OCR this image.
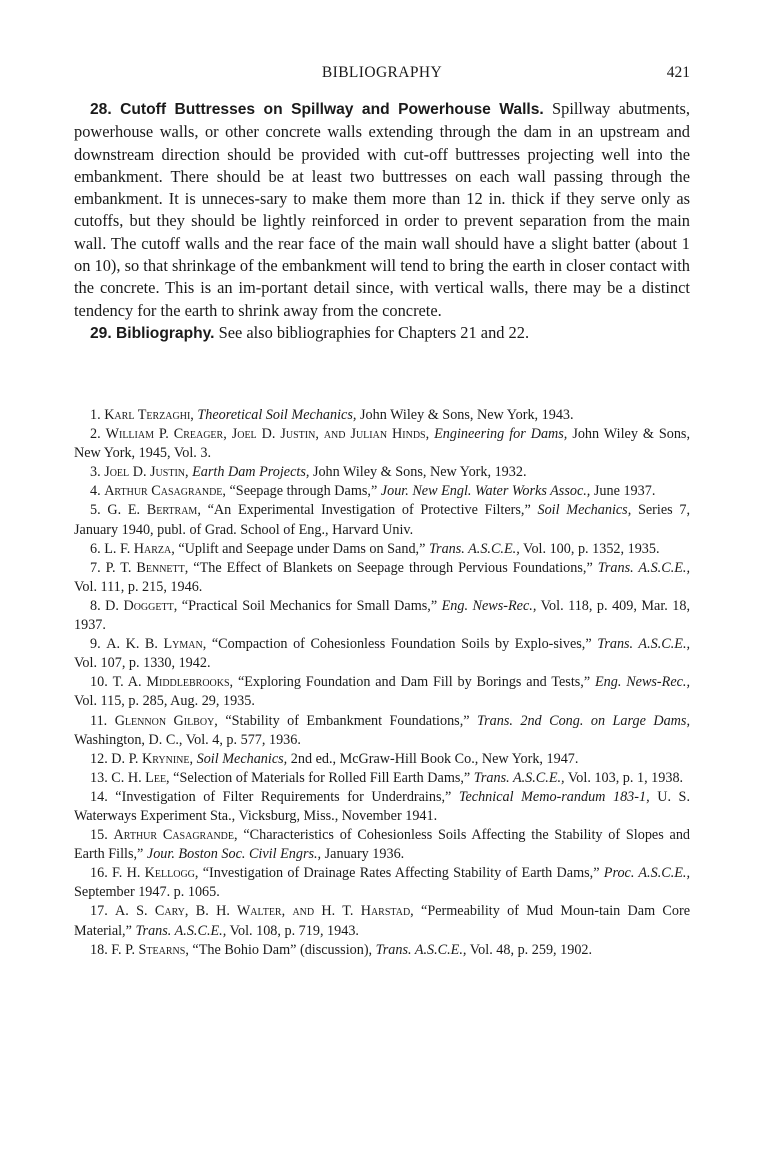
BIBLIOGRAPHY	421

28. Cutoff Buttresses on Spillway and Powerhouse Walls. Spillway abutments, powerhouse walls, or other concrete walls extending through the dam in an upstream and downstream direction should be provided with cut-off buttresses projecting well into the embankment. There should be at least two buttresses on each wall passing through the embankment. It is unneces-sary to make them more than 12 in. thick if they serve only as cutoffs, but they should be lightly reinforced in order to prevent separation from the main wall. The cutoff walls and the rear face of the main wall should have a slight batter (about 1 on 10), so that shrinkage of the embankment will tend to bring the earth in closer contact with the concrete. This is an im-portant detail since, with vertical walls, there may be a distinct tendency for the earth to shrink away from the concrete.

29. Bibliography. See also bibliographies for Chapters 21 and 22.

1. Karl Terzaghi, Theoretical Soil Mechanics, John Wiley & Sons, New York, 1943.

2. William P. Creager, Joel D. Justin, and Julian Hinds, Engineering for Dams, John Wiley & Sons, New York, 1945, Vol. 3.

3. Joel D. Justin, Earth Dam Projects, John Wiley & Sons, New York, 1932.

4. Arthur Casagrande, “Seepage through Dams,” Jour. New Engl. Water Works Assoc., June 1937.

5. G. E. Bertram, “An Experimental Investigation of Protective Filters,” Soil Mechanics, Series 7, January 1940, publ. of Grad. School of Eng., Harvard Univ.

6. L. F. Harza, “Uplift and Seepage under Dams on Sand,” Trans. A.S.C.E., Vol. 100, p. 1352, 1935.

7. P. T. Bennett, “The Effect of Blankets on Seepage through Pervious Foundations,” Trans. A.S.C.E., Vol. 111, p. 215, 1946.

8. D. Doggett, “Practical Soil Mechanics for Small Dams,” Eng. News-Rec., Vol. 118, p. 409, Mar. 18, 1937.

9. A. K. B. Lyman, “Compaction of Cohesionless Foundation Soils by Explo-sives,” Trans. A.S.C.E., Vol. 107, p. 1330, 1942.

10. T. A. Middlebrooks, “Exploring Foundation and Dam Fill by Borings and Tests,” Eng. News-Rec., Vol. 115, p. 285, Aug. 29, 1935.

11. Glennon Gilboy, “Stability of Embankment Foundations,” Trans. 2nd Cong. on Large Dams, Washington, D. C., Vol. 4, p. 577, 1936.

12. D. P. Krynine, Soil Mechanics, 2nd ed., McGraw-Hill Book Co., New York, 1947.

13. C. H. Lee, “Selection of Materials for Rolled Fill Earth Dams,” Trans. A.S.C.E., Vol. 103, p. 1, 1938.

14. “Investigation of Filter Requirements for Underdrains,” Technical Memo-randum 183-1, U. S. Waterways Experiment Sta., Vicksburg, Miss., November 1941.

15. Arthur Casagrande, “Characteristics of Cohesionless Soils Affecting the Stability of Slopes and Earth Fills,” Jour. Boston Soc. Civil Engrs., January 1936.

16. F. H. Kellogg, “Investigation of Drainage Rates Affecting Stability of Earth Dams,” Proc. A.S.C.E., September 1947. p. 1065.

17. A. S. Cary, B. H. Walter, and H. T. Harstad, “Permeability of Mud Moun-tain Dam Core Material,” Trans. A.S.C.E., Vol. 108, p. 719, 1943.

18. F. P. Stearns, “The Bohio Dam” (discussion), Trans. A.S.C.E., Vol. 48, p. 259, 1902.
